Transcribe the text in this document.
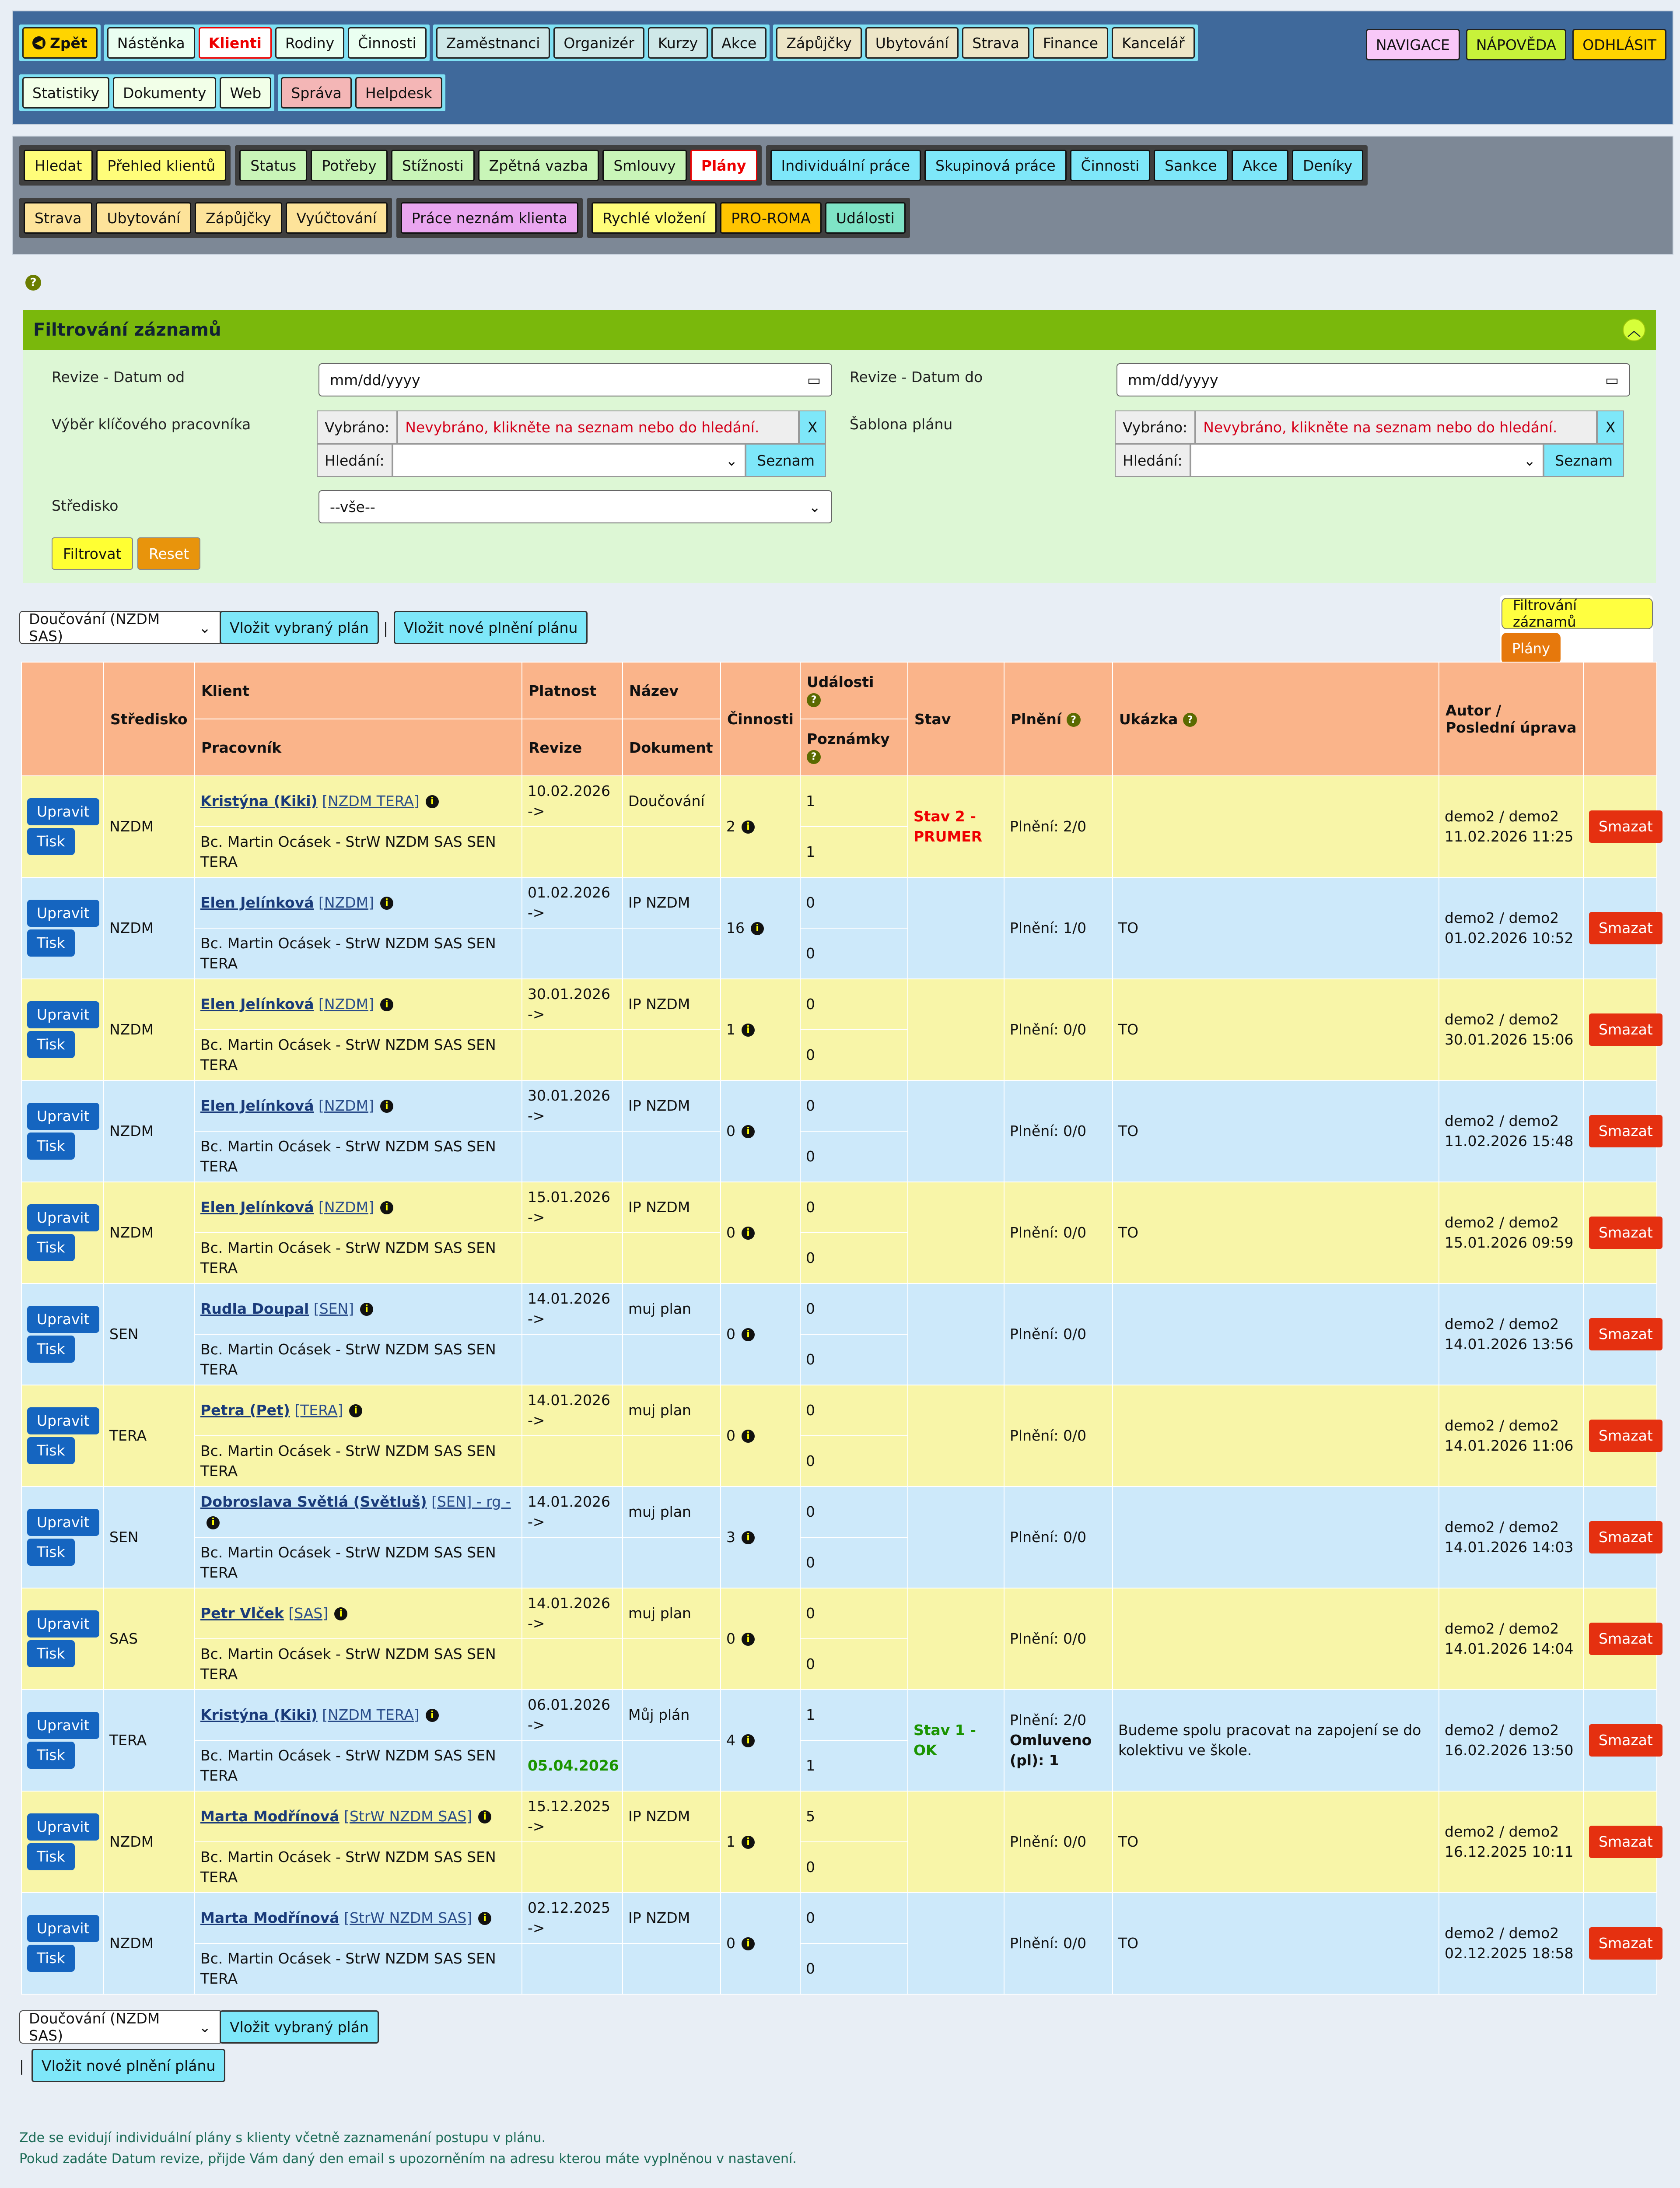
◀ Zpět	Nástěnka	Klienti	Rodiny	Činnosti	Zaměstnanci	Organizér	Kurzy	Akce	Zápůjčky	Ubytování	Strava	Finance	Kancelář
Statistiky	Dokumenty	Web	Správa	Helpdesk
NAVIGACE	NÁPOVĚDA	ODHLÁSIT
Hledat	Přehled klientů	Status	Potřeby	Stížnosti	Zpětná vazba	Smlouvy	Plány	Individuální práce	Skupinová práce	Činnosti	Sankce	Akce	Deníky
Strava	Ubytování	Zápůjčky	Vyúčtování	Práce neznám klienta	Rychlé vložení	PRO-ROMA	Události
?
Filtrování záznamů	︿
Revize - Datum od	mm/dd/yyyy	▭ Revize - Datum do	mm/dd/yyyy	▭
Výběr klíčového pracovníka	Vybráno:	Nevybráno, klikněte na seznam nebo do hledání.	X
Hledání:	⌄	Seznam
Šablona plánu	Vybráno:	Nevybráno, klikněte na seznam nebo do hledání.	X
Hledání:	⌄	Seznam
Středisko	--vše--	⌄
Filtrovat	Reset
Doučování (NZDM SAS)	⌄	Vložit vybraný plán	|	Vložit nové plnění plánu
Filtrování záznamů
Plány
	Středisko	Klient	Platnost	Název	Činnosti	Události
?	Stav	Plnění ?	Ukázka ?	Autor /
Poslední úprava	
		Pracovník	Revize	Dokument		Poznámky
?					
Upravit
Tisk	NZDM	Kristýna (Kiki) [NZDM TERA] i	10.02.2026 ->	Doučování	2 i	1	Stav 2 - PRUMER	Plnění: 2/0		demo2 / demo2
11.02.2026 11:25	Smazat
		Bc. Martin Ocásek - StrW NZDM SAS SEN TERA				1					
Upravit
Tisk	NZDM	Elen Jelínková [NZDM] i	01.02.2026 ->	IP NZDM	16 i	0		Plnění: 1/0	TO	demo2 / demo2
01.02.2026 10:52	Smazat
		Bc. Martin Ocásek - StrW NZDM SAS SEN TERA				0					
Upravit
Tisk	NZDM	Elen Jelínková [NZDM] i	30.01.2026 ->	IP NZDM	1 i	0		Plnění: 0/0	TO	demo2 / demo2
30.01.2026 15:06	Smazat
		Bc. Martin Ocásek - StrW NZDM SAS SEN TERA				0					
Upravit
Tisk	NZDM	Elen Jelínková [NZDM] i	30.01.2026 ->	IP NZDM	0 i	0		Plnění: 0/0	TO	demo2 / demo2
11.02.2026 15:48	Smazat
		Bc. Martin Ocásek - StrW NZDM SAS SEN TERA				0					
Upravit
Tisk	NZDM	Elen Jelínková [NZDM] i	15.01.2026 ->	IP NZDM	0 i	0		Plnění: 0/0	TO	demo2 / demo2
15.01.2026 09:59	Smazat
		Bc. Martin Ocásek - StrW NZDM SAS SEN TERA				0					
Upravit
Tisk	SEN	Rudla Doupal [SEN] i	14.01.2026 ->	muj plan	0 i	0		Plnění: 0/0		demo2 / demo2
14.01.2026 13:56	Smazat
		Bc. Martin Ocásek - StrW NZDM SAS SEN TERA				0					
Upravit
Tisk	TERA	Petra (Pet) [TERA] i	14.01.2026 ->	muj plan	0 i	0		Plnění: 0/0		demo2 / demo2
14.01.2026 11:06	Smazat
		Bc. Martin Ocásek - StrW NZDM SAS SEN TERA				0					
Upravit
Tisk	SEN	Dobroslava Světlá (Světluš) [SEN] - rg -i	14.01.2026 ->	muj plan	3 i	0		Plnění: 0/0		demo2 / demo2
14.01.2026 14:03	Smazat
		Bc. Martin Ocásek - StrW NZDM SAS SEN TERA				0					
Upravit
Tisk	SAS	Petr Vlček [SAS] i	14.01.2026 ->	muj plan	0 i	0		Plnění: 0/0		demo2 / demo2
14.01.2026 14:04	Smazat
		Bc. Martin Ocásek - StrW NZDM SAS SEN TERA				0					
Upravit
Tisk	TERA	Kristýna (Kiki) [NZDM TERA] i	06.01.2026 ->	Můj plán	4 i	1	Stav 1 - OK	Plnění: 2/0
Omluveno (pl): 1	Budeme spolu pracovat na zapojení se do kolektivu ve škole.	demo2 / demo2
16.02.2026 13:50	Smazat
		Bc. Martin Ocásek - StrW NZDM SAS SEN TERA	05.04.2026			1					
Upravit
Tisk	NZDM	Marta Modřínová [StrW NZDM SAS] i	15.12.2025 ->	IP NZDM	1 i	5		Plnění: 0/0	TO	demo2 / demo2
16.12.2025 10:11	Smazat
		Bc. Martin Ocásek - StrW NZDM SAS SEN TERA				0					
Upravit
Tisk	NZDM	Marta Modřínová [StrW NZDM SAS] i	02.12.2025 ->	IP NZDM	0 i	0		Plnění: 0/0	TO	demo2 / demo2
02.12.2025 18:58	Smazat
		Bc. Martin Ocásek - StrW NZDM SAS SEN TERA				0					
Doučování (NZDM SAS)	⌄	Vložit vybraný plán
|	Vložit nové plnění plánu
Zde se evidují individuální plány s klienty včetně zaznamenání postupu v plánu.
Pokud zadáte Datum revize, přijde Vám daný den email s upozorněním na adresu kterou máte vyplněnou v nastavení.
